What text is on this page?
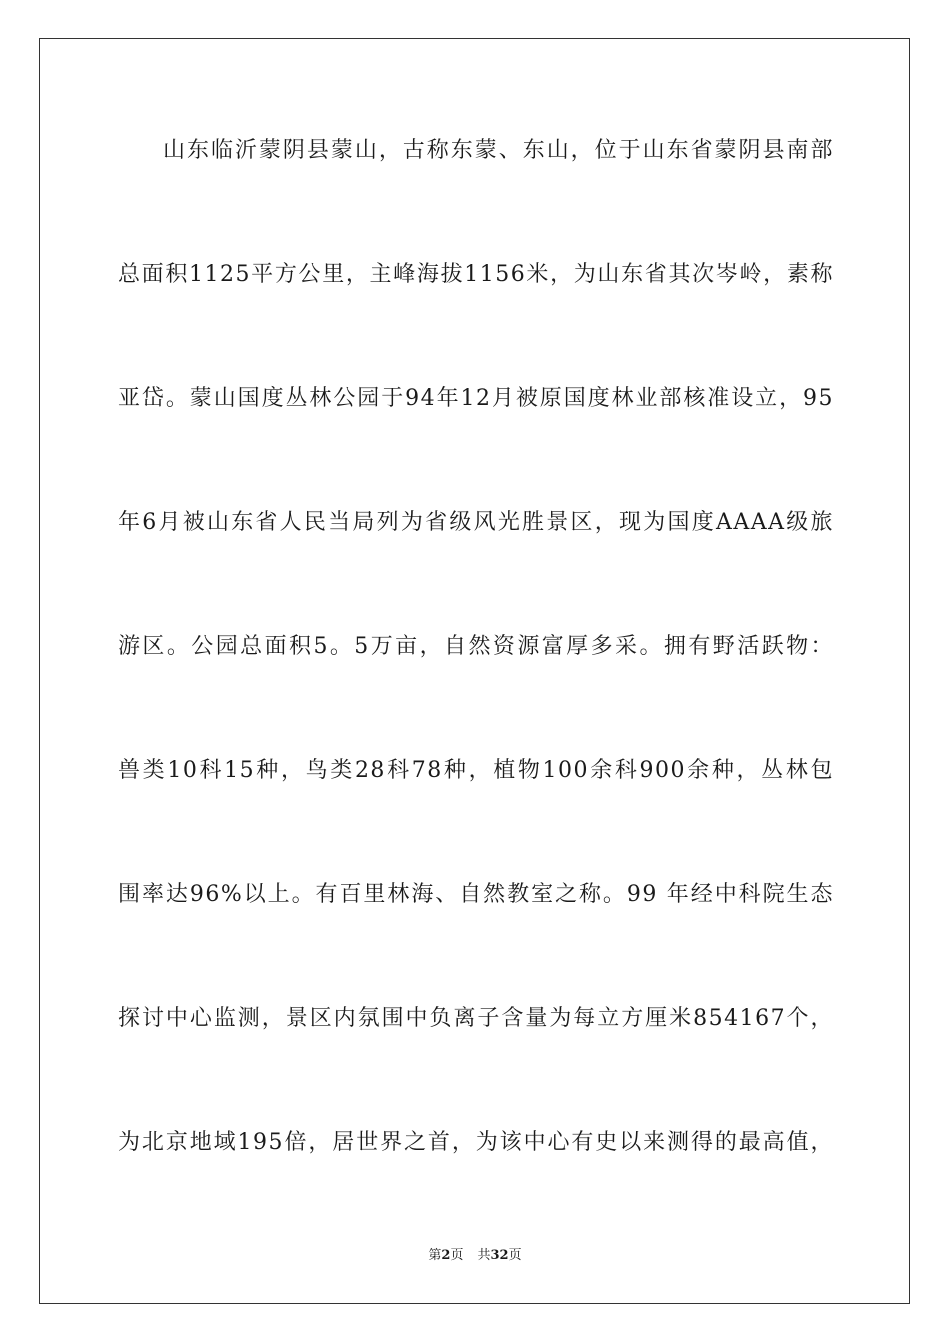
山东临沂蒙阴县蒙山，古称东蒙、东山，位于山东省蒙阴县南部
总面积1125平方公里，主峰海拔1156米，为山东省其次岑岭，素称
亚岱。蒙山国度丛林公园于94年12月被原国度林业部核准设立，95
年6月被山东省人民当局列为省级风光胜景区，现为国度AAAA级旅
游区。公园总面积5。5万亩，自然资源富厚多采。拥有野活跃物：
兽类10科15种，鸟类28科78种，植物100余科900余种，丛林包
围率达96%以上。有百里林海、自然教室之称。99 年经中科院生态
探讨中心监测，景区内氛围中负离子含量为每立方厘米854167个，
为北京地域195倍，居世界之首，为该中心有史以来测得的最高值，
第2页 共32页
